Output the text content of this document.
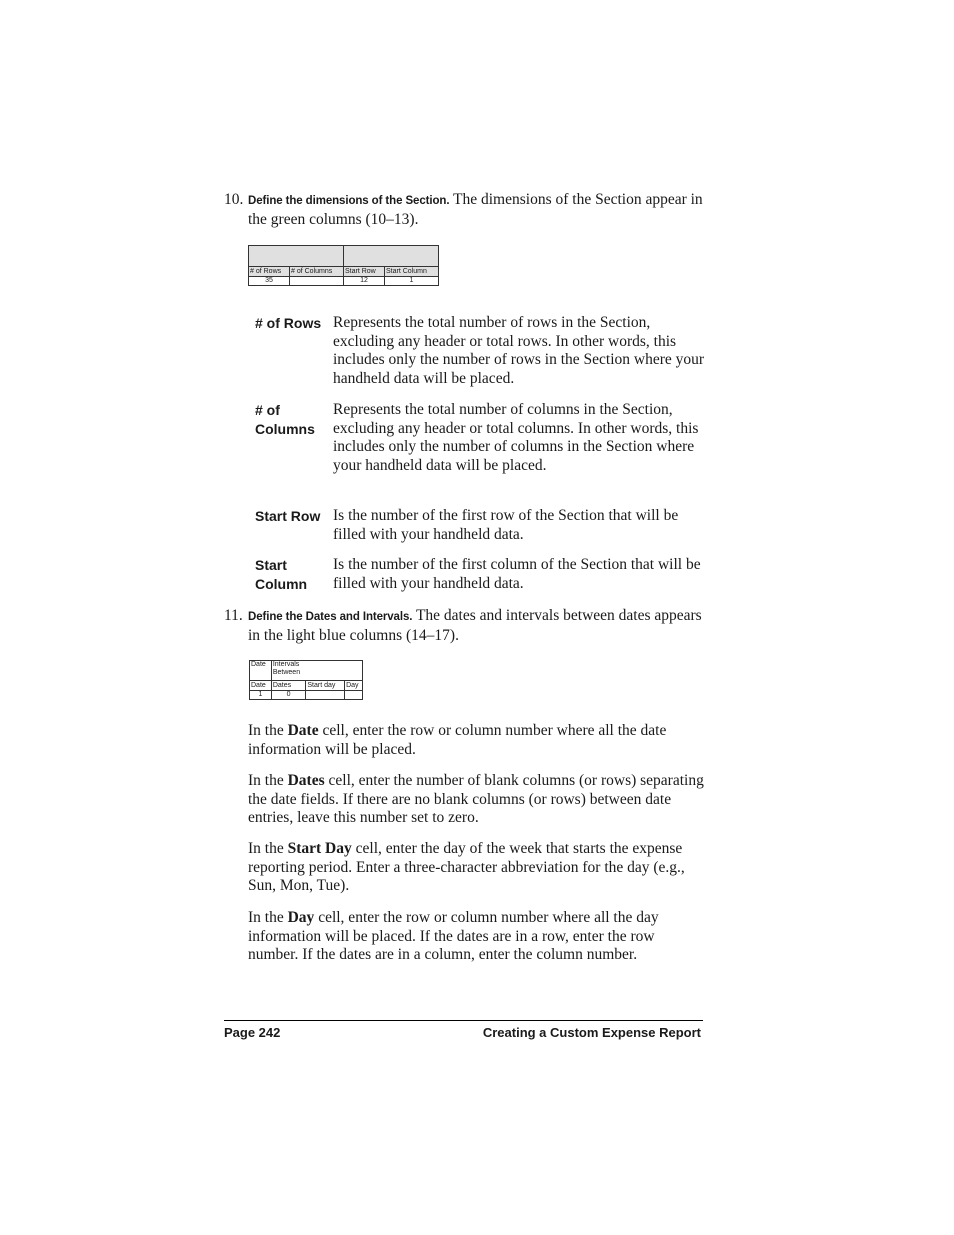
10. Define the dimensions of the Section. The dimensions of the Section appear in the green columns (10–13).

# of Rows	# of Columns	Start Row	Start Column
35		12	1
# of Rows Represents the total number of rows in the Section, excluding any header or total rows. In other words, this includes only the number of rows in the Section where your handheld data will be placed.
# of Columns
Represents the total number of columns in the Section, excluding any header or total columns. In other words, this includes only the number of columns in the Section where your handheld data will be placed.
Start Row Is the number of the first row of the Section that will be filled with your handheld data.
Start Column
Is the number of the first column of the Section that will be filled with your handheld data.
11. Define the Dates and Intervals. The dates and intervals between dates appears in the light blue columns (14–17).
Date	Intervals Between		

Date	Dates	Start day	Day
1	0		
In the Date cell, enter the row or column number where all the date information will be placed.
In the Dates cell, enter the number of blank columns (or rows) separating the date fields. If there are no blank columns (or rows) between date entries, leave this number set to zero.
In the Start Day cell, enter the day of the week that starts the expense reporting period. Enter a three-character abbreviation for the day (e.g., Sun, Mon, Tue).
In the Day cell, enter the row or column number where all the day information will be placed. If the dates are in a row, enter the row number. If the dates are in a column, enter the column number.
Page 242	Creating a Custom Expense Report
